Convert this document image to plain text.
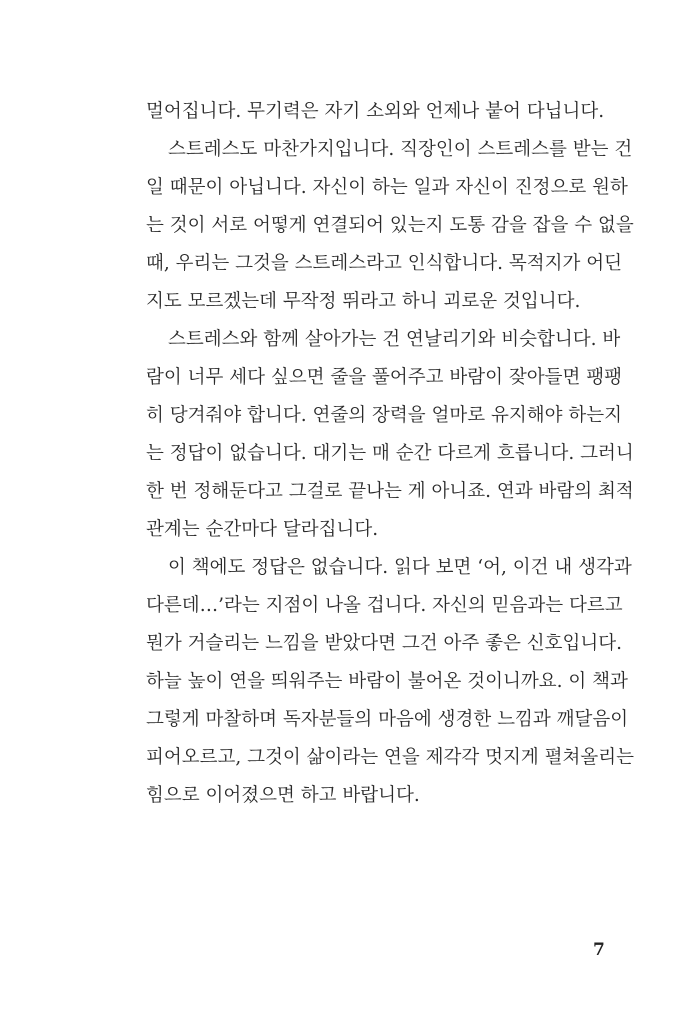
멀어집니다. 무기력은 자기 소외와 언제나 붙어 다닙니다.
스트레스도 마찬가지입니다. 직장인이 스트레스를 받는 건
일 때문이 아닙니다. 자신이 하는 일과 자신이 진정으로 원하
는 것이 서로 어떻게 연결되어 있는지 도통 감을 잡을 수 없을
때, 우리는 그것을 스트레스라고 인식합니다. 목적지가 어딘
지도 모르겠는데 무작정 뛰라고 하니 괴로운 것입니다.
스트레스와 함께 살아가는 건 연날리기와 비슷합니다. 바
람이 너무 세다 싶으면 줄을 풀어주고 바람이 잦아들면 팽팽
히 당겨줘야 합니다. 연줄의 장력을 얼마로 유지해야 하는지
는 정답이 없습니다. 대기는 매 순간 다르게 흐릅니다. 그러니
한 번 정해둔다고 그걸로 끝나는 게 아니죠. 연과 바람의 최적
관계는 순간마다 달라집니다.
이 책에도 정답은 없습니다. 읽다 보면 ‘어, 이건 내 생각과
다른데…’라는 지점이 나올 겁니다. 자신의 믿음과는 다르고
뭔가 거슬리는 느낌을 받았다면 그건 아주 좋은 신호입니다.
하늘 높이 연을 띄워주는 바람이 불어온 것이니까요. 이 책과
그렇게 마찰하며 독자분들의 마음에 생경한 느낌과 깨달음이
피어오르고, 그것이 삶이라는 연을 제각각 멋지게 펼쳐올리는
힘으로 이어졌으면 하고 바랍니다.
7
